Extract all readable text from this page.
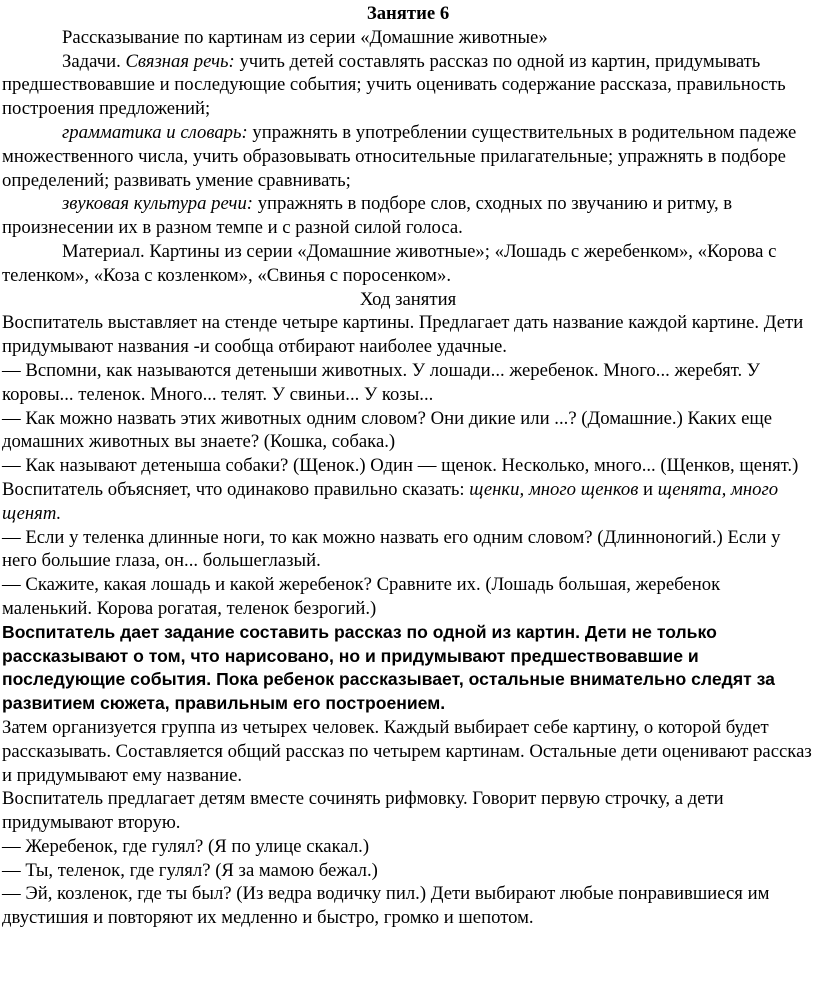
Занятие 6

Рассказывание по картинам из серии «Домашние животные»

Задачи. Связная речь: учить детей составлять рассказ по одной из картин, придумывать предшествовавшие и последующие события; учить оценивать содержание рассказа, правильность построения предложений;

грамматика и словарь: упражнять в употреблении существительных в родительном падеже множественного числа, учить образовывать относительные прилагательные; упражнять в подборе определений; развивать умение сравнивать;

звуковая культура речи: упражнять в подборе слов, сходных по звучанию и ритму, в произнесении их в разном темпе и с разной силой голоса.

Материал. Картины из серии «Домашние животные»; «Лошадь с жеребенком», «Корова с теленком», «Коза с козленком», «Свинья с поросенком».

Ход занятия

Воспитатель выставляет на стенде четыре картины. Предлагает дать название каждой картине. Дети придумывают названия -и сообща отбирают наиболее удачные.

— Вспомни, как называются детеныши животных. У лошади... жеребенок. Много... жеребят. У коровы... теленок. Много... телят. У свиньи... У козы...

— Как можно назвать этих животных одним словом? Они дикие или ...? (Домашние.) Каких еще домашних животных вы знаете? (Кошка, собака.)

— Как называют детеныша собаки? (Щенок.) Один — щенок. Несколько, много... (Щенков, щенят.)

Воспитатель объясняет, что одинаково правильно сказать: щенки, много щенков и щенята, много щенят.

— Если у теленка длинные ноги, то как можно назвать его одним словом? (Длинноногий.) Если у него большие глаза, он... большеглазый.

— Скажите, какая лошадь и какой жеребенок? Сравните их. (Лошадь большая, жеребенок маленький. Корова рогатая, теленок безрогий.)

Воспитатель дает задание составить рассказ по одной из картин. Дети не только рассказывают о том, что нарисовано, но и придумывают предшествовавшие и последующие события. Пока ребенок рассказывает, остальные внимательно следят за развитием сюжета, правильным его построением.

Затем организуется группа из четырех человек. Каждый выбирает себе картину, о которой будет рассказывать. Составляется общий рассказ по четырем картинам. Остальные дети оценивают рассказ и придумывают ему название.

Воспитатель предлагает детям вместе сочинять рифмовку. Говорит первую строчку, а дети придумывают вторую.

— Жеребенок, где гулял? (Я по улице скакал.)

— Ты, теленок, где гулял? (Я за мамою бежал.)

— Эй, козленок, где ты был? (Из ведра водичку пил.) Дети выбирают любые понравившиеся им двустишия и повторяют их медленно и быстро, громко и шепотом.
